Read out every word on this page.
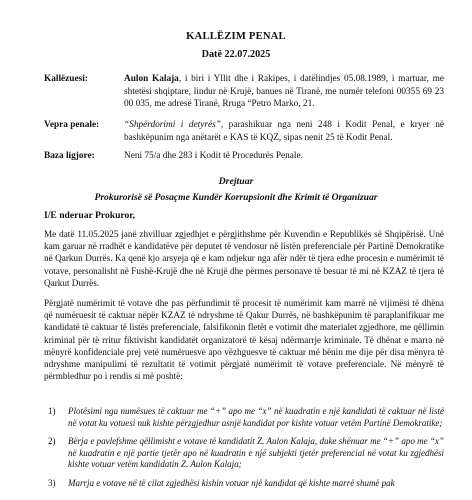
KALLËZIM PENAL
Datë 22.07.2025
Kallëzuesi:	Aulon Kalaja, i biri i Yllit dhe i Rakipes, i datëlindjes 05.08.1989, i martuar, me shtetësi shqiptare, lindur në Krujë, banues në Tiranë, me numër telefoni 00355 69 23 00 035, me adresë Tiranë, Rruga “Petro Marko, 21.
Vepra penale:	“Shpërdorimi i detyrës”, parashikuar nga neni 248 i Kodit Penal, e kryer në bashkëpunim nga anëtarët e KAS të KQZ, sipas nenit 25 të Kodit Penal.
Baza ligjore:	Neni 75/a dhe 283 i Kodit të Procedurës Penale.
Drejtuar
Prokurorisë së Posaçme Kundër Korrupsionit dhe Krimit të Organizuar
I/E nderuar Prokuror,
Me datë 11.05.2025 janë zhvilluar zgjedhjet e përgjithshme për Kuvendin e Republikës së Shqipërisë. Unë kam garuar në rradhët e kandidatëve për deputet të vendosur në listën preferenciale për Partinë Demokratike në Qarkun Durrës. Ka qenë kjo arsyeja që e kam ndjekur nga afër ndër të tjera edhe procesin e numërimit të votave, personalisht në Fushë-Krujë dhe në Krujë dhe përmes personave të besuar të mi në KZAZ të tjera të Qarkut Durrës.
Përgjatë numërimit të votave dhe pas përfundimit të procesit të numërimit kam marrë në vijimësi të dhëna që numëruesit të caktuar nëpër KZAZ të ndryshme të Qakur Durrës, në bashkëpunim të paraplanifikuar me kandidatë të caktuar të listës preferenciale, falsifikonin fletët e votimit dhe materialet zgjedhore, me qëllimin kriminal për të rritur fiktivisht kandidatët organizatorë të kësaj ndërmarrje kriminale. Të dhënat e marra në mënyrë konfidenciale prej vetë numëruesve apo vëzhguesve të caktuar më bënin me dije për disa mënyra të ndryshme manipulimi të rezultatit të votimit përgjatë numërimit të votave preferenciale. Në mënyrë të përmbledhur po i rendis si më poshtë:
1) Plotësimi nga numësues të caktuar me “+” apo me “x” në kuadratin e një kandidati të caktuar në listë në votat ku votuesi nuk kishte përzgjedhur asnjë kandidat por kishte votuar vetëm Partinë Demokratike;
2) Bërja e pavlefshme qëllimisht e votave të kandidatit Z. Aulon Kalaja, duke shënuar me “+” apo me “x” në kuadratin e një partie tjetër apo në kuadratin e një subjekti tjetër preferencial në votat ku zgjedhësi kishte votuar vetëm kandidatin Z. Aulon Kalaja;
3) Marrja e votave në të cilat zgjedhësi kishin votuar një kandidat që kishte marrë shumë pak
